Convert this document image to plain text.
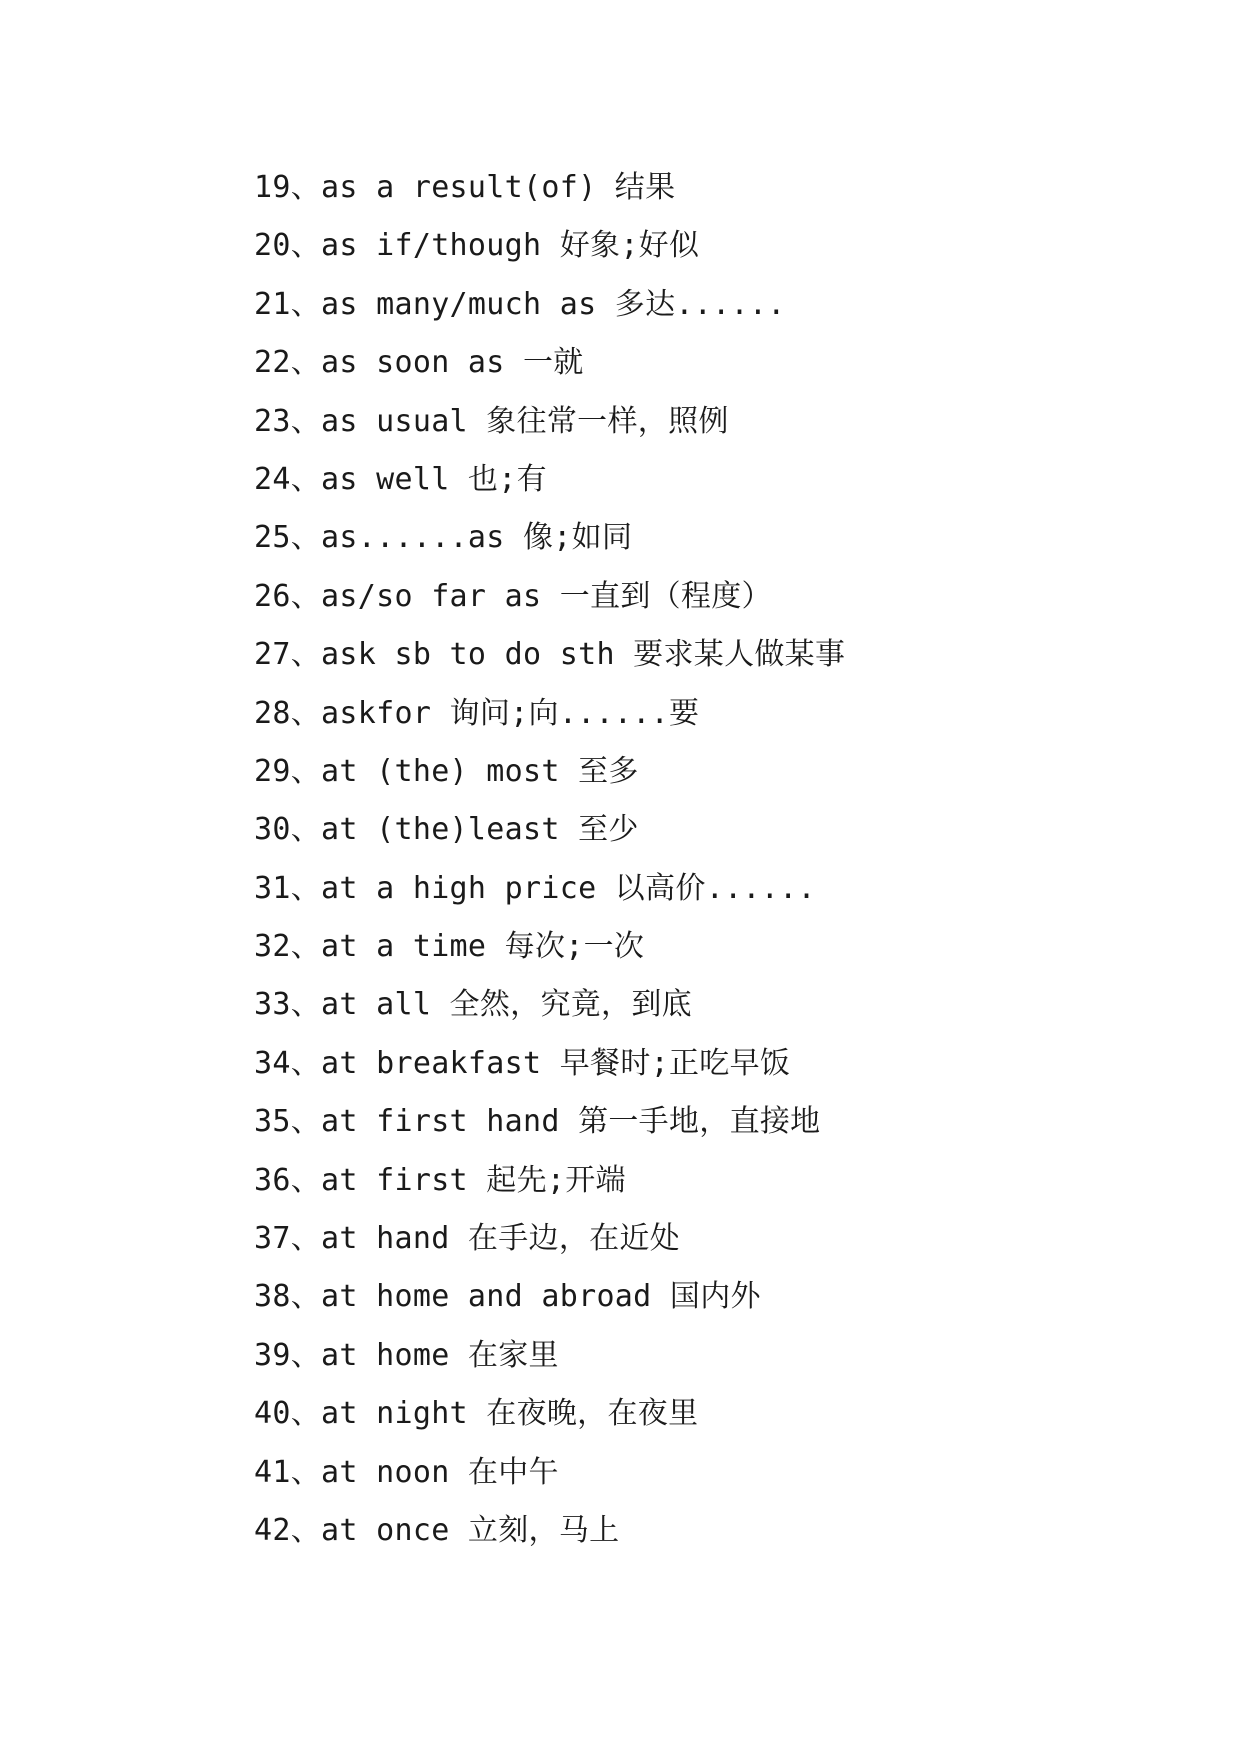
19、as a result(of) 结果
20、as if/though 好象;好似
21、as many/much as 多达......
22、as soon as 一就
23、as usual 象往常一样，照例
24、as well 也;有
25、as......as 像;如同
26、as/so far as 一直到（程度）
27、ask sb to do sth 要求某人做某事
28、askfor 询问;向......要
29、at (the) most 至多
30、at (the)least 至少
31、at a high price 以高价......
32、at a time 每次;一次
33、at all 全然，究竟，到底
34、at breakfast 早餐时;正吃早饭
35、at first hand 第一手地，直接地
36、at first 起先;开端
37、at hand 在手边，在近处
38、at home and abroad 国内外
39、at home 在家里
40、at night 在夜晚，在夜里
41、at noon 在中午
42、at once 立刻，马上
